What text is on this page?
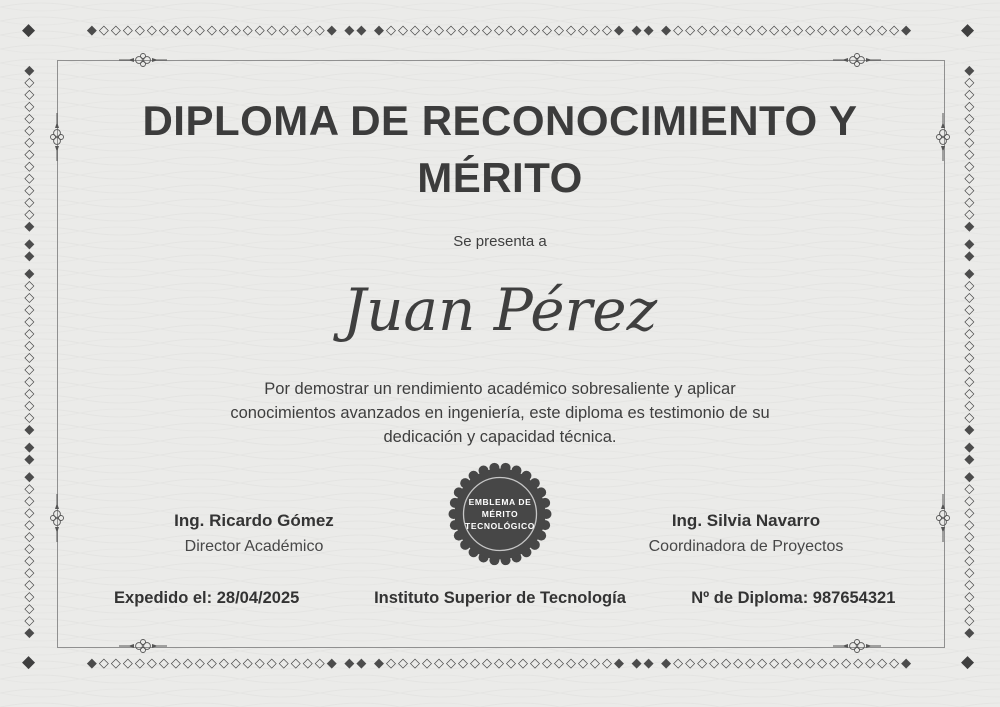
◆◇◇◇◇◇◇◇◇◇◇◇◇◇◇◇◇◇◇◇◆ ◆◆ ◆◇◇◇◇◇◇◇◇◇◇◇◇◇◇◇◇◇◇◇◆ ◆◆ ◆◇◇◇◇◇◇◇◇◇◇◇◇◇◇◇◇◇◇◇◆
◆◇◇◇◇◇◇◇◇◇◇◇◇◇◇◇◇◇◇◇◆ ◆◆ ◆◇◇◇◇◇◇◇◇◇◇◇◇◇◇◇◇◇◇◇◆ ◆◆ ◆◇◇◇◇◇◇◇◇◇◇◇◇◇◇◇◇◇◇◇◆
◆◇◇◇◇◇◇◇◇◇◇◇◇◆ ◆◆ ◆◇◇◇◇◇◇◇◇◇◇◇◇◆ ◆◆ ◆◇◇◇◇◇◇◇◇◇◇◇◇◆	◆◇◇◇◇◇◇◇◇◇◇◇◇◆ ◆◆ ◆◇◇◇◇◇◇◇◇◇◇◇◇◆ ◆◆ ◆◇◇◇◇◇◇◇◇◇◇◇◇◆
◆	◆
◆	◆
DIPLOMA DE RECONOCIMIENTO Y MÉRITO
Se presenta a
Juan Pérez

Por demostrar un rendimiento académico sobresaliente y aplicar conocimientos avanzados en ingeniería, este diploma es testimonio de su dedicación y capacidad técnica.

Ing. Ricardo Gómez
Director Académico
EMBLEMA DE
MÉRITO
TECNOLÓGICO	Ing. Silvia Navarro
Coordinadora de Proyectos
Expedido el: 28/04/2025	Instituto Superior de Tecnología	Nº de Diploma: 987654321
